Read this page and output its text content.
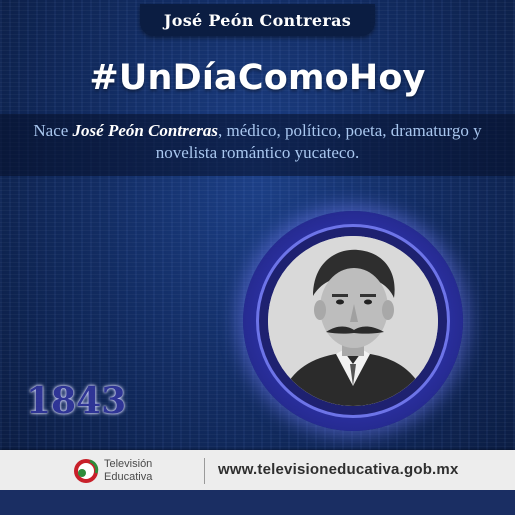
José Peón Contreras
#UnDíaComoHoy
Nace José Peón Contreras, médico, político, poeta, dramaturgo y novelista romántico yucateco.
1843
Televisión
Educativa	www.televisioneducativa.gob.mx
